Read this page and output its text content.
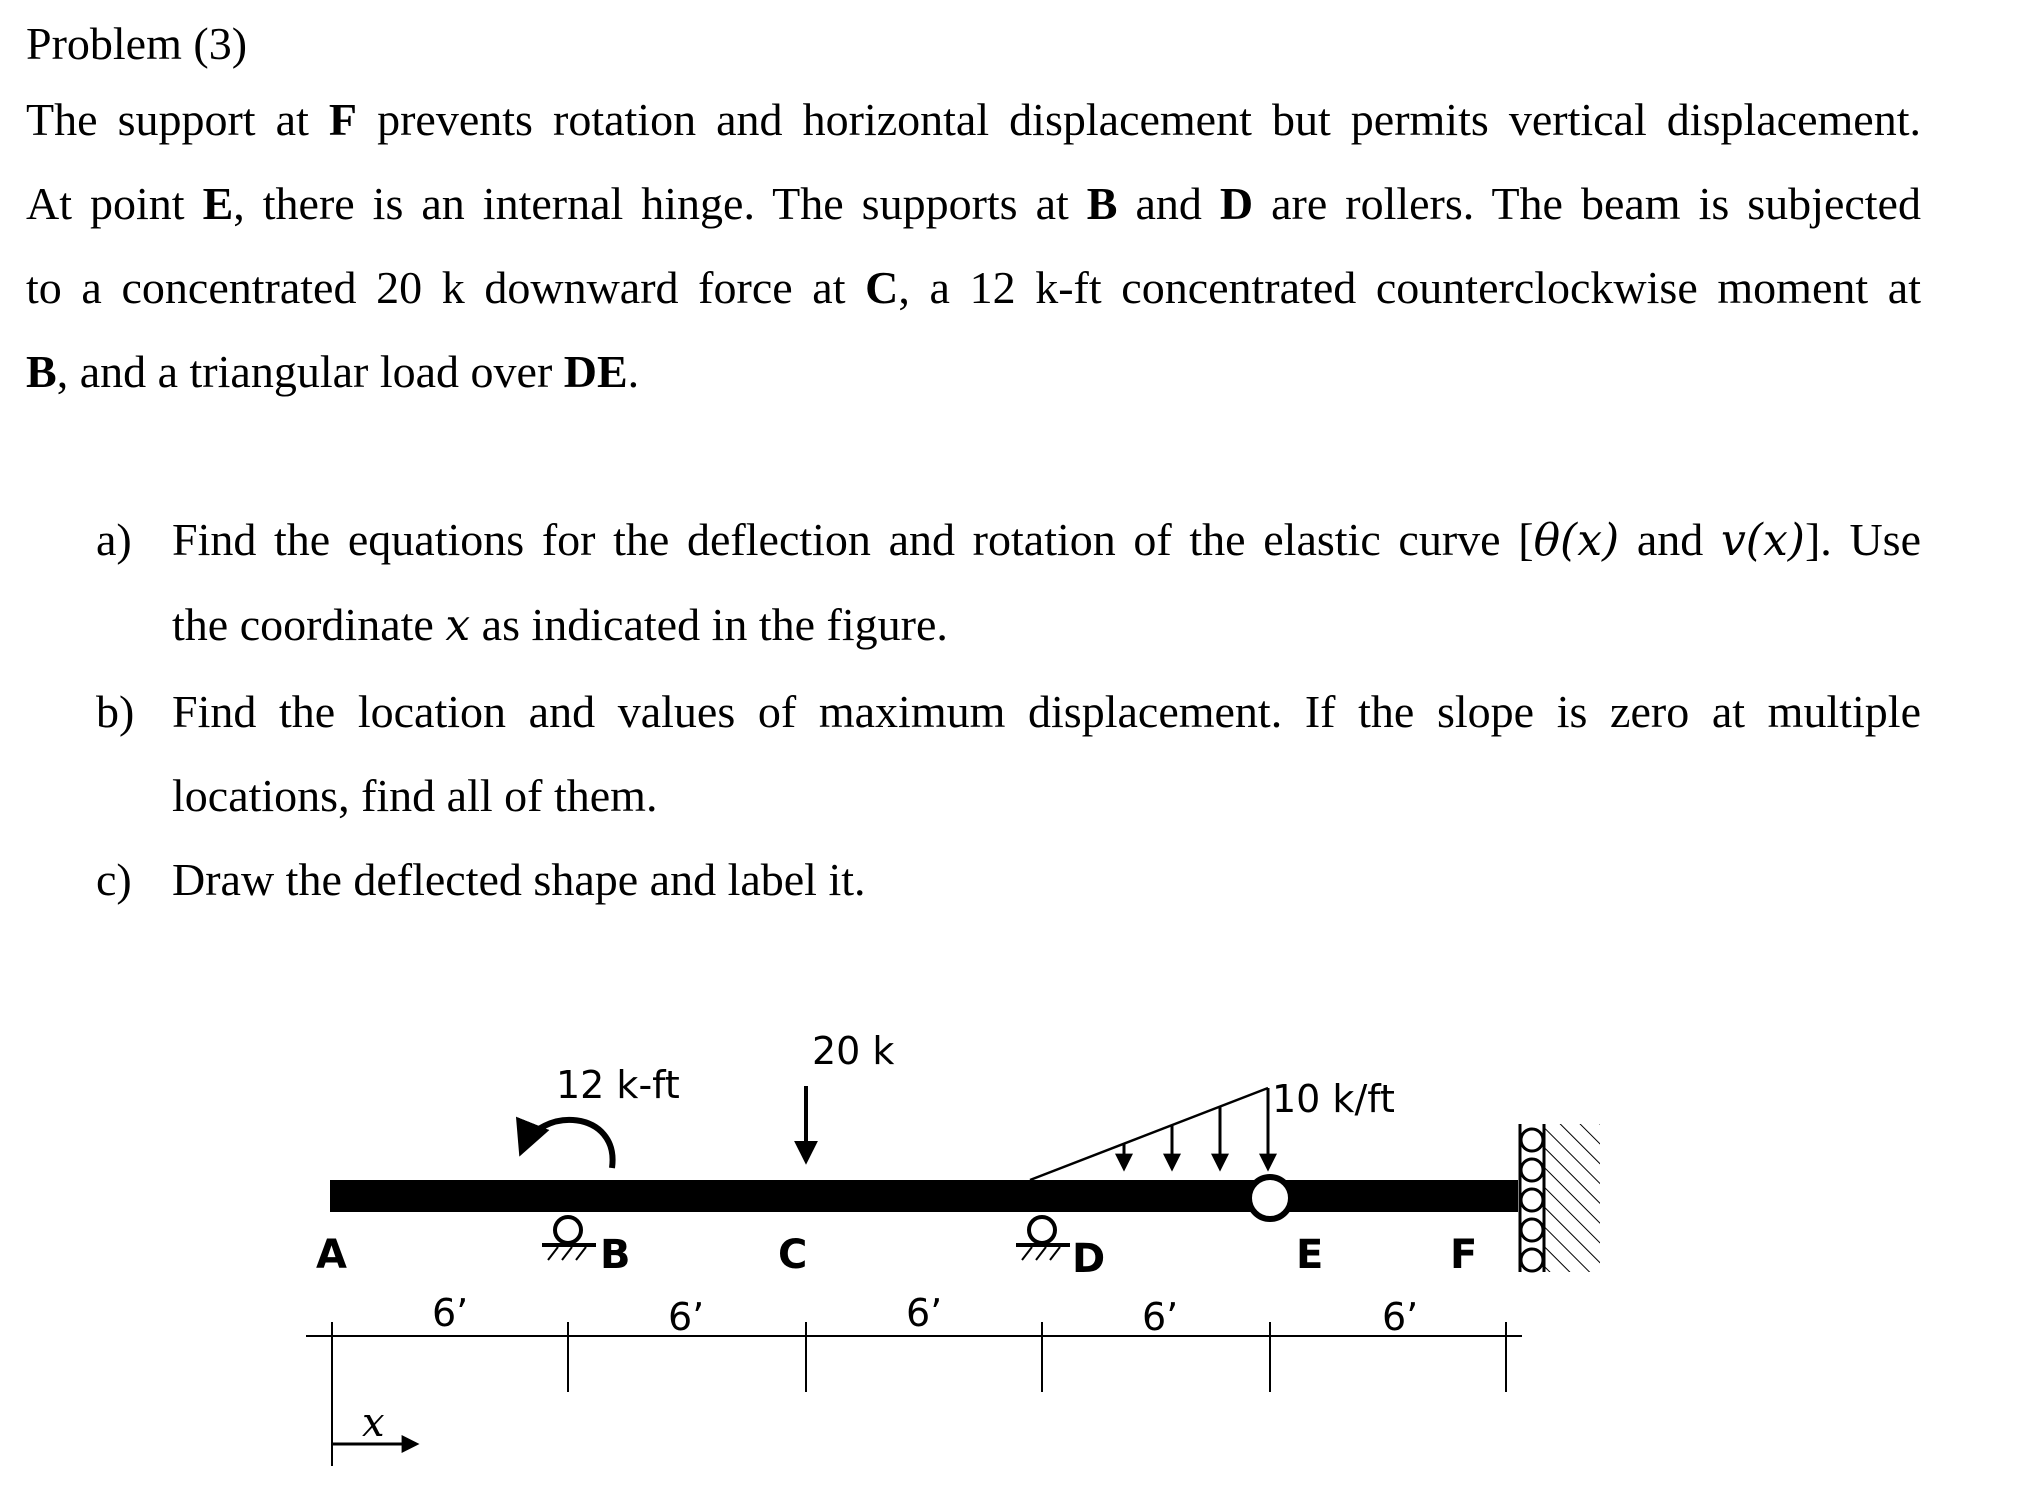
Problem (3)
The support at F prevents rotation and horizontal displacement but permits vertical displacement.
At point E, there is an internal hinge. The supports at B and D are rollers. The beam is subjected
to a concentrated 20 k downward force at C, a 12 k-ft concentrated counterclockwise moment at
B, and a triangular load over DE.
a) Find the equations for the deflection and rotation of the elastic curve [θ(x) and v(x)]. Use
the coordinate x as indicated in the figure.
b) Find the location and values of maximum displacement. If the slope is zero at multiple
locations, find all of them.
c) Draw the deflected shape and label it.
10 k/ft
20 k
12 k-ft
B	D
A	C	E	F
6’	6’	6’	6’	6’
x
